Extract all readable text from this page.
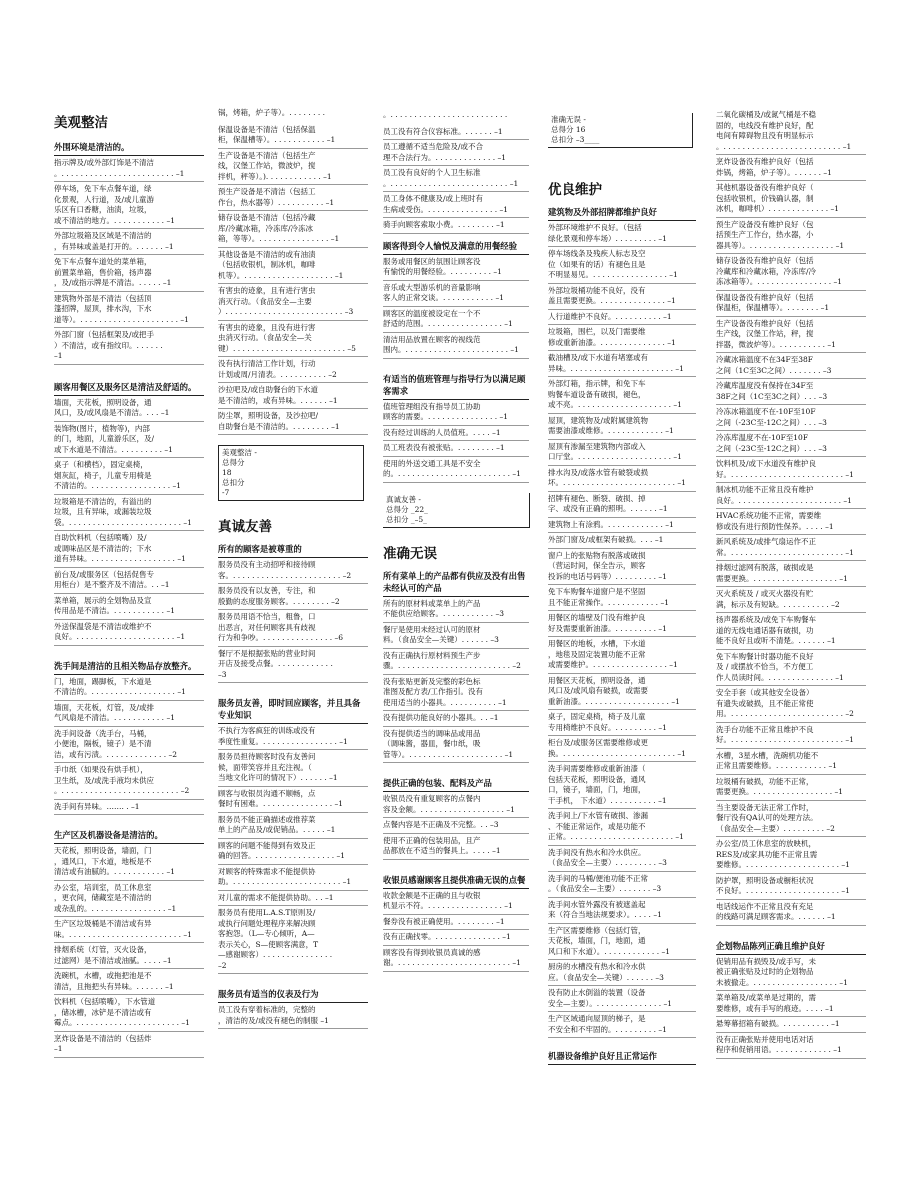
美观整洁
外围环境是清洁的。

指示牌及/或外部灯饰是不清洁
。. . . . . . . . . . . . . . . . . . . . . . . . –1

停车场，免下车点餐车道，绿
化景观，人行道，及/或儿童游
乐区有口香糖，油渍，垃圾，
或不清洁的地方。. . . . . . . . . . . –1

外部垃圾箱及区域是不清洁的
，有异味或盖是打开的。. . . . . . –1

免下车点餐车道处的菜单箱，
前置菜单箱，售价箱，扬声器
，及/或指示牌是不清洁。. . . . . –1

建筑物外部是不清洁（包括顶
篷招牌，屋顶，排水沟，下水
道等）。. . . . . . . . . . . . . . . . . . . . . –1

外部门窗（包括框架及/或把手
）不清洁，或有指纹印。. . . . . .
–1

顾客用餐区及服务区是清洁及舒适的。

墙面，天花板，照明设备，通
风口，及/或风扇是不清洁。. . . –1

装饰物(图片，植物等)，内部
的门，地面，儿童游乐区，及/
或下水道是不清洁。. . . . . . . . . –1

桌子（和横档），固定桌椅，
烟灰缸，椅子，儿童专用椅是
不清洁的。. . . . . . . . . . . . . . . . . –1

垃圾箱是不清洁的，有溢出的
垃圾，且有异味，或漏装垃圾
袋。. . . . . . . . . . . . . . . . . . . . . . . . –1

自助饮料机（包括喷嘴）及/
或调味品区是不清洁的；下水
道有异味。. . . . . . . . . . . . . . . . . . –1

前台及/或服务区（包括促售专
用柜台）是不整齐及不清洁。. . –1

菜单箱，展示的全划物品及宣
传用品是不清洁。. . . . . . . . . . . –1

外送保温袋是不清洁或维护不
良好。. . . . . . . . . . . . . . . . . . . . . –1

洗手间是清洁的且相关物品存放整齐。

门，地面，踢脚板，下水道是
不清洁的。. . . . . . . . . . . . . . . . . . –1

墙面，天花板，灯管，及/或排
气风扇是不清洁。. . . . . . . . . . . –1

洗手间设备（洗手台，马桶，
小便池，隔板，镜子）是不清
洁，或有污渍。. . . . . . . . . . . . . –2

手巾纸（如果没有烘手机），
卫生纸，及/或洗手液均未供应
。. . . . . . . . . . . . . . . . . . . . . . . . . –2

洗手间有异味。……. . –1

生产区及机器设备是清洁的。

天花板，照明设备，墙面，门
，通风口，下水道，地板是不
清洁或有油腻的。. . . . . . . . . . . –1

办公室，培训室，员工休息室
，更衣间，储藏室是不清洁的
或杂乱的。. . . . . . . . . . . . . . . . –1

生产区垃圾桶是不清洁或有异
味。. . . . . . . . . . . . . . . . . . . . . . . . –1

排烟系统（灯管，灭火设备，
过滤网）是不清洁或油腻。. . . . –1

洗碗机，水槽，或拖把池是不
清洁，且拖把头有异味。. . . . . . –1

饮料机（包括喷嘴），下水管道
，储冰槽，冰铲是不清洁或有
霉点。. . . . . . . . . . . . . . . . . . . . . . –1

烹炸设备是不清洁的（包括炸
–1

锅，烤箱，炉子等）。. . . . . . . .

保温设备是不清洁（包括保温
柜，保温槽等）。. . . . . . . . . . . –1

生产设备是不清洁（包括生产
线，汉堡工作站，微波炉，搅
拌机，秤等）。). . . . . . . . . . . . –1

预生产设备是不清洁（包括工
作台，热水器等）. . . . . . . . . . –1

储存设备是不清洁（包括冷藏
库/冷藏冰箱，冷冻库/冷冻冰
箱，等等）。. . . . . . . . . . . . . . . –1

其他设备是不清洁的或有油渍
（包括收银机，制冰机，咖啡
机等）。. . . . . . . . . . . . . . . . . . . –1

有害虫的迹象，且有进行害虫
消灭行动。（食品安全—主要
）. . . . . . . . . . . . . . . . . . . . . . . . . –3

有害虫的迹象，且没有进行害
虫消灭行动。（食品安全—关
键）. . . . . . . . . . . . . . . . . . . . . . . . –5

没有执行清洁工作计划，行动
计划或周/月清表。. . . . . . . . . . –2

沙拉吧及/或自助餐台的下水道
是不清洁的，或有异味。. . . . . . –1

防尘罩，照明设备，及沙拉吧/
自助餐台是不清洁的。. . . . . . . . –1

美观整洁 -
总得分
18
总扣分
-7
真诚友善
所有的顾客是被尊重的

服务员没有主动招呼和接待顾
客。. . . . . . . . . . . . . . . . . . . . . . . –2

服务员没有以友善，专注，和
殷勤的态度服务顾客。. . . . . . . . –2

服务员用语不恰当，粗鲁，口
出恶言，对任何顾客具有歧视
行为和争吵。. . . . . . . . . . . . . . . –6

餐厅不是根据张贴的营业时间
开店及接受点餐。. . . . . . . . . . . .
–3

服务员友善，即时回应顾客，并且具备专业知识

不执行为客疯狂的训练或没有
季度性重复。. . . . . . . . . . . . . . . . –1

服务员担待顾客时没有友善问
候，面带笑容并且充注视。（
当地文化许可的情况下）. . . . . . –1

顾客与收银员沟通不顺畅，点
餐时有困难。. . . . . . . . . . . . . . . –1

服务员不能正确描述或推荐菜
单上的产品及/或促销品。. . . . . –1

顾客的问题不能得到有效及正
确的回答。. . . . . . . . . . . . . . . . . –1

对顾客的特殊需求不能提供协
助。. . . . . . . . . . . . . . . . . . . . . . . –1

对儿童的需求不能提供协助。. . –1

服务员有使用L.A.S.T原则及/
或执行问题处理程序来解决顾
客抱怨。（L—专心倾听，A—
表示关心，S—使顾客满意，T
—感谢顾客）. . . . . . . . . . . . . . .
–2

服务员有适当的仪表及行为

员工没有穿着标准的，完整的
，清洁的及/或没有褪色的制服 –1

。. . . . . . . . . . . . . . . . . . . . . . . . .

员工没有符合仪容标准。. . . . . . –1

员工遵循不适当危险及/或不合
理不合法行为。. . . . . . . . . . . . . –1

员工没有良好的个人卫生标准
。. . . . . . . . . . . . . . . . . . . . . . . . . –1

员工身体不健康及/或上班时有
生病或受伤。. . . . . . . . . . . . . . . –1

骑手向顾客索取小费。. . . . . . . . –1

顾客得到令人愉悦及满意的用餐经验

服务或用餐区的氛围让顾客没
有愉悦的用餐经验。. . . . . . . . . –1

音乐或大型游乐机的音量影响
客人的正常交谈。. . . . . . . . . . . –1

顾客区的温度被设定在一个不
舒适的范围。. . . . . . . . . . . . . . . . –1

清洁用品放置在顾客的视线范
围内。. . . . . . . . . . . . . . . . . . . . . . –1

有适当的值班管理与指导行为以满足顾客需求

值班管理组没有指导员工协助
顾客的需要。. . . . . . . . . . . . . . . –1

没有经过训练的人员值班。. . . . –1

员工班表没有被张贴。. . . . . . . . –1

使用的外送交通工具是不安全
的。. . . . . . . . . . . . . . . . . . . . . . . . –1

真诚友善 -
总得分 _22_
总扣分 _–5_
准确无误
所有菜单上的产品都有供应及没有出售未经认可的产品

所有的原材料或菜单上的产品
不能供应给顾客。. . . . . . . . . . . –3

餐厅是使用未经过认可的原材
料。（食品安全—关键）. . . . . . –3

没有正确执行原材料预生产步
骤。. . . . . . . . . . . . . . . . . . . . . . . . –2

没有张贴更新及完整的彩色标
准图及配方表/工作指引。没有
使用适当的小器具。. . . . . . . . . . –1

没有提供功能良好的小器具。. . –1

没有提供适当的调味品或用品
（调味酱，器皿，餐巾纸，吸
管等）。. . . . . . . . . . . . . . . . . . . . –1

提供正确的包装、配料及产品

收银员没有重复顾客的点餐内
容及金额。. . . . . . . . . . . . . . . . . . –1

点餐内容是不正确及不完整。. . –3

使用不正确的包装用品，且产
品都放在不适当的餐具上。. . . . –1

收银员感谢顾客且提供准确无误的点餐

收款金额是不正确的且与收银
机显示不符。. . . . . . . . . . . . . . . . –1

餐券没有被正确使用。. . . . . . . . –1

没有正确找零。. . . . . . . . . . . . . . –1

顾客没有得到收银员真诚的感
谢。. . . . . . . . . . . . . . . . . . . . . . . . –1

准确无误 -
总得分 16
总扣分 –3____
优良维护
建筑物及外部招牌都维护良好

外部环境维护不良好。（包括
绿化景观和停车场）. . . . . . . . . –1

停车场线条及残疾人标志及空
位（如果有的话）有褪色且是
不明显易见。. . . . . . . . . . . . . . . . –1

外部垃圾桶功能不良好，没有
盖且需要更换。. . . . . . . . . . . . . . –1

人行道维护不良好。. . . . . . . . . . –1

垃圾箱，围栏，以及门需要维
修或重新油漆。. . . . . . . . . . . . . . –1

截油槽及/或下水道有堵塞或有
异味。. . . . . . . . . . . . . . . . . . . . . . –1

外部灯箱，指示牌，和免下车
购餐车道设备有破损，褪色，
或不亮。. . . . . . . . . . . . . . . . . . . . –1

屋顶，建筑物及/或附属建筑物
需要油漆或维修。. . . . . . . . . . . . –1

屋顶有渗漏至建筑物内部或入
口厅堂。. . . . . . . . . . . . . . . . . . . . –1

排水沟及/或落水管有破裂或损
坏。. . . . . . . . . . . . . . . . . . . . . . . . –1

招牌有褪色、断裂、破损、掉
字、或没有正确的照明。. . . . . . –1

建筑物上有涂鸦。. . . . . . . . . . . . –1

外部门窗及/或框架有破损。. . . –1

窗户上的张贴物有脱落或破损
（营运时间，保全告示，顾客
投诉的电话号码等）. . . . . . . . . –1

免下车购餐车道窗户是不坚固
且不能正常操作。. . . . . . . . . . . –1

用餐区的墙壁及门没有维护良
好及需要重新油漆。. . . . . . . . . –1

用餐区的地板，水槽，下水道
，地毯及固定装置功能不正常
或需要维护。. . . . . . . . . . . . . . . . –1

用餐区天花板，照明设备，通
风口及/或风扇有破损，或需要
重新油漆。. . . . . . . . . . . . . . . . . . –1

桌子，固定桌椅，椅子及儿童
专用椅维护不良好。. . . . . . . . . –1

柜台及/或服务区需要维修或更
换。. . . . . . . . . . . . . . . . . . . . . . . . –1

洗手间需要维修或重新油漆（
包括天花板，照明设备，通风
口，镜子，墙面，门，地面，
干手机， 下水道）. . . . . . . . . . –1

洗手间上/下水管有破损、渗漏
、不能正常运作，或是功能不
正常。. . . . . . . . . . . . . . . . . . . . . . –1

洗手间没有热水和冷水供应。
（食品安全—主要）. . . . . . . . . –3

洗手间的马桶/便池功能不正常
。（食品安全—主要）. . . . . . . –3

洗手间水管外露没有被遮盖起
来（符合当地法规要求）。. . . . –1

生产区需要维修（包括灯管，
天花板，墙面，门，地面，通
风口和下水道）。. . . . . . . . . . . . –1

厨房的水槽没有热水和冷水供
应。（食品安全—关键）. . . . . . –3

没有防止水倒溢的装置（设备
安全—主要）。. . . . . . . . . . . . . . –1

生产区域通向屋顶的梯子，是
不安全和不牢固的。. . . . . . . . . –1

机器设备维护良好且正常运作

二氧化碳桶及/或氮气桶是不稳
固的，电线没有维护良好，配
电间有障碍物且没有明显标示
。. . . . . . . . . . . . . . . . . . . . . . . . . –1

烹炸设备没有维护良好（包括
炸锅，烤箱，炉子等）。. . . . . . –1

其他机器设备没有维护良好（
包括收银机，价钱确认器，制
冰机，咖啡机）. . . . . . . . . . . . . –1

预生产设备没有维护良好（包
括预生产工作台，热水器，小
器具等）。. . . . . . . . . . . . . . . . . . –1

储存设备没有维护良好（包括
冷藏库和冷藏冰箱，冷冻库/冷
冻冰箱等）。. . . . . . . . . . . . . . . . –1

保温设备没有维护良好（包括
保温柜，保温槽等）。. . . . . . . –1

生产设备没有维护良好（包括
生产线，汉堡工作站，秤，搅
拌器，微波炉等）。. . . . . . . . . . –1

冷藏冰箱温度不在34F至38F
之间（1C至3C之间）. . . . . . . –3

冷藏库温度没有保持在34F至
38F之间（1C至3C之间）. . . –3

冷冻冰箱温度不在-10F至10F
之间（-23C至-12C之间）. . . –3

冷冻库温度不在-10F至10F
之间（-23C至-12C之间）. . . –3

饮料机及/或下水道没有维护良
好。. . . . . . . . . . . . . . . . . . . . . . . . –1

制冰机功能不正常且没有维护
良好。. . . . . . . . . . . . . . . . . . . . . . –1

HVAC系统功能不正常，需要维
修或没有进行预防性保养。. . . . –1

新风系统及/或排气扇运作不正
常。. . . . . . . . . . . . . . . . . . . . . . . . –1

排烟过滤网有脱落，破损或是
需要更换。. . . . . . . . . . . . . . . . . . –1

灭火系统及 / 或灭火器没有贮
满，标示及有短缺。. . . . . . . . . . –2

扬声器系统及/或免下车购餐车
道的无线电通话器有破损，功
能不良好且或听不清楚。. . . . . . –1

免下车购餐计时器功能不良好
及 / 或摆放不恰当，不方便工
作人员读时间。. . . . . . . . . . . . . . –1

安全手套（或其他安全设备）
有遗失或破损，且不能正常使
用。. . . . . . . . . . . . . . . . . . . . . . . . –2

洗手台功能不正常且维护不良
好。. . . . . . . . . . . . . . . . . . . . . . . . –1

水槽，3星水槽，洗碗机功能不
正常且需要维修。. . . . . . . . . . . –1

垃圾桶有破损，功能不正常，
需要更换。. . . . . . . . . . . . . . . . . –1

当主要设备无法正常工作时，
餐厅没有QA认可的处理方法。
（食品安全—主要）. . . . . . . . . –2

办公室/员工休息室的放映机，
RES及/或家具功能不正常且需
要维修。. . . . . . . . . . . . . . . . . . . . –1

防护罩，照明设备或橱柜状况
不良好。. . . . . . . . . . . . . . . . . . . . –1

电话线运作不正常且没有充足
的线路可满足顾客需求。. . . . . . –1

企划物品陈列正确且维护良好

促销用品有损毁及/或手写，未
被正确张贴及过时的企划物品
未被撤走。. . . . . . . . . . . . . . . . . . –1

菜单箱及/或菜单是过期的，需
要维修，或有手写的痕迹。. . . . –1

悬筹幕招箱有破损。. . . . . . . . . . –1

没有正确张贴并使用电话对话
程序和促销用语。. . . . . . . . . . . . –1
